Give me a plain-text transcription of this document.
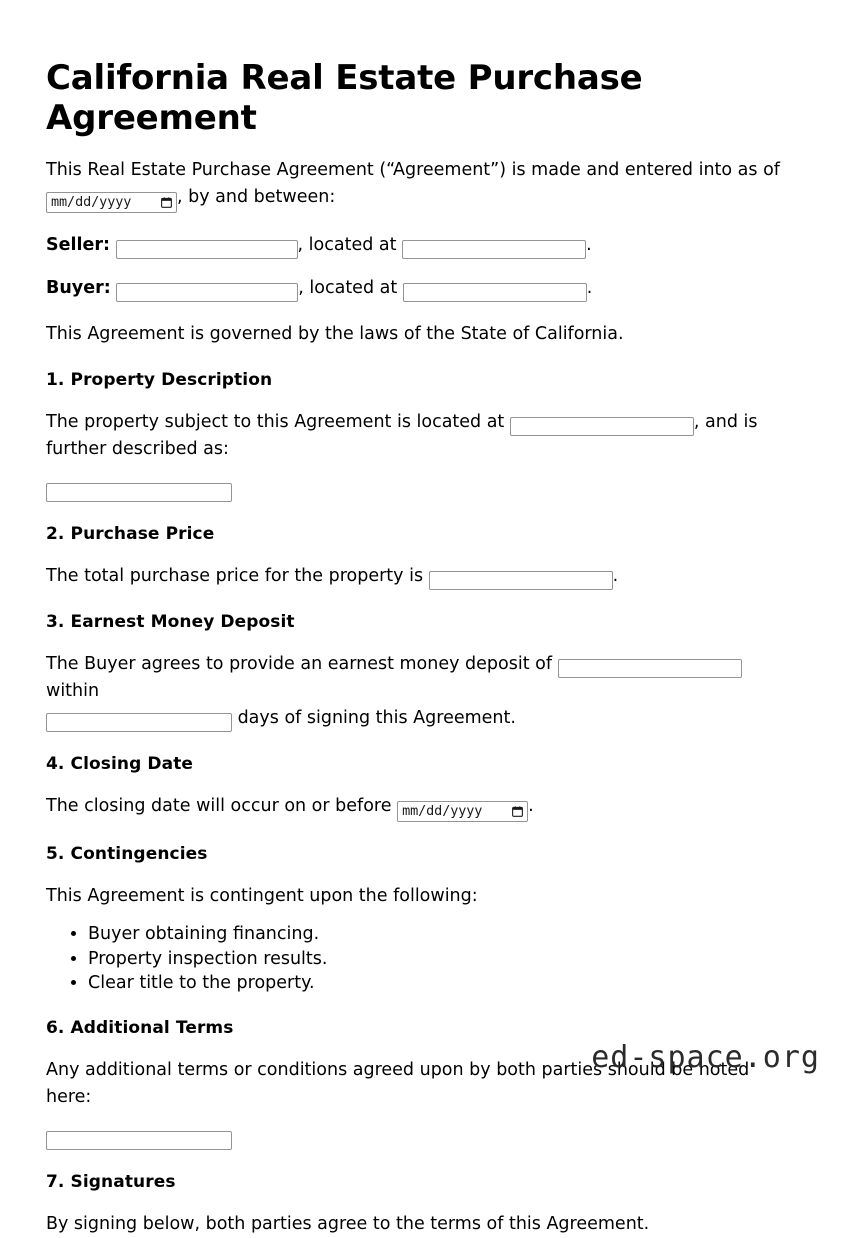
California Real Estate Purchase Agreement

This Real Estate Purchase Agreement (“Agreement”) is made and entered into as of

mm/dd/yyyy	, by and between:

Seller:	, located at	.

Buyer:	, located at	.

This Agreement is governed by the laws of the State of California.

1. Property Description

The property subject to this Agreement is located at	, and is further described as:

2. Purchase Price

The total purchase price for the property is	.

3. Earnest Money Deposit

The Buyer agrees to provide an earnest money deposit of  within
days of signing this Agreement.

4. Closing Date

The closing date will occur on or before mm/dd/yyyy	.

5. Contingencies

This Agreement is contingent upon the following:

• Buyer obtaining financing.
• Property inspection results.
• Clear title to the property.
6. Additional Terms

Any additional terms or conditions agreed upon by both parties should be noted here:

7. Signatures

By signing below, both parties agree to the terms of this Agreement.

ed-space.org
